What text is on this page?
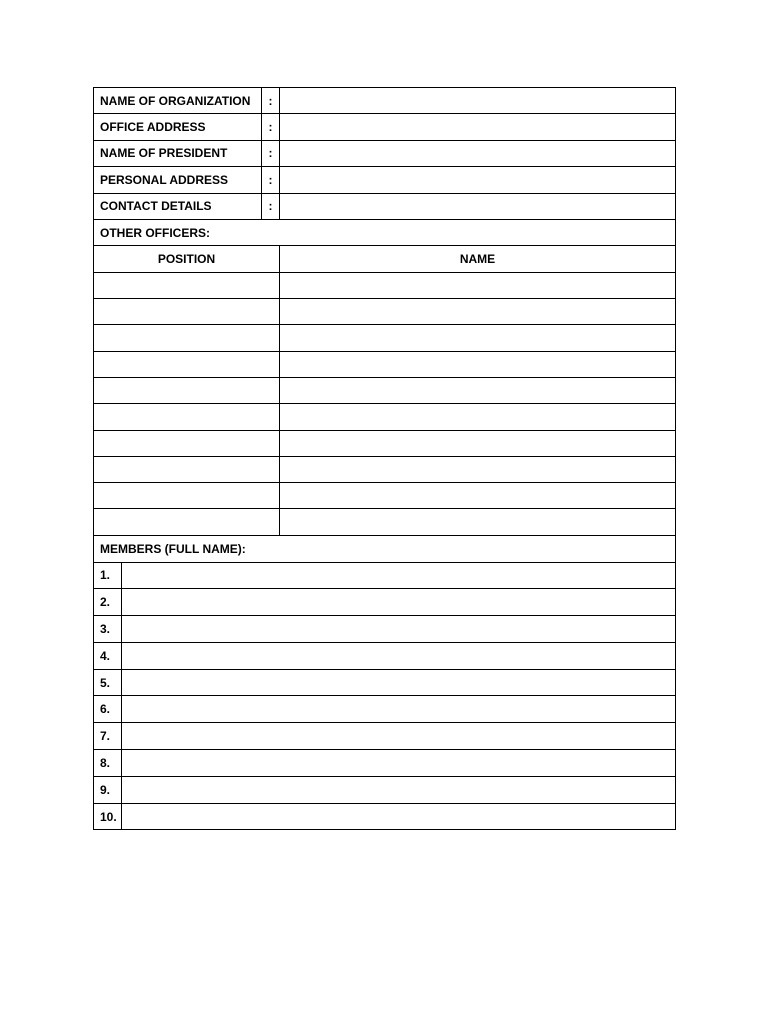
NAME OF ORGANIZATION	:	

OFFICE ADDRESS	:	

NAME OF PRESIDENT	:	

PERSONAL ADDRESS	:	

CONTACT DETAILS	:	
OTHER OFFICERS:	
POSITION	NAME

MEMBERS (FULL NAME):	
1.	
2.	
3.	
4.	
5.	
6.	
7.	
8.	
9.	
10.	
